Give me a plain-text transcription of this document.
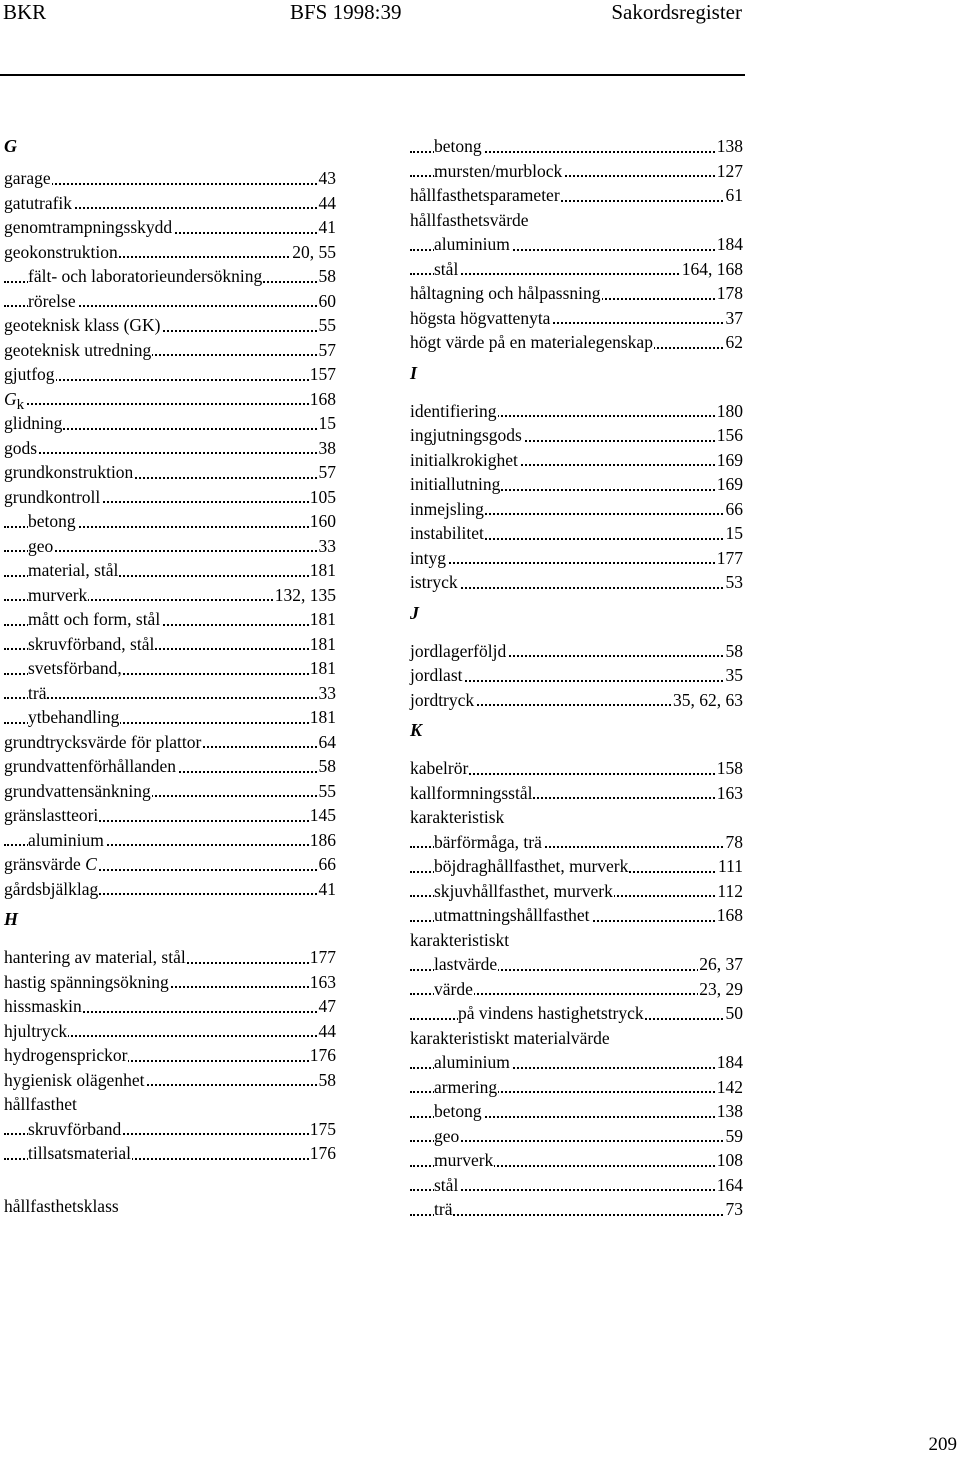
BKR	BFS 1998:39	Sakordsregister
G
garage	43
gatutrafik	44
genomtrampningsskydd	41
geokonstruktion	20, 55
fält- och laboratorieundersökning	58
rörelse	60
geoteknisk klass (GK)	55
geoteknisk utredning	57
gjutfog	157
Gk	168
glidning	15
gods	38
grundkonstruktion	57
grundkontroll	105
betong	160
geo	33
material, stål	181
murverk	132, 135
mått och form, stål	181
skruvförband, stål	181
svetsförband,	181
trä	33
ytbehandling	181
grundtrycksvärde för plattor	64
grundvattenförhållanden	58
grundvattensänkning	55
gränslastteori	145
aluminium	186
gränsvärde C	66
gårdsbjälklag	41
H
hantering av material, stål	177
hastig spänningsökning	163
hissmaskin	47
hjultryck	44
hydrogensprickor	176
hygienisk olägenhet	58
hållfasthet
skruvförband	175
tillsatsmaterial	176
hållfasthetsklass
betong	138
mursten/murblock	127
hållfasthetsparameter	61
hållfasthetsvärde
aluminium	184
stål	164, 168
håltagning och hålpassning	178
högsta högvattenyta	37
högt värde på en materialegenskap	62
I
identifiering	180
ingjutningsgods	156
initialkrokighet	169
initiallutning	169
inmejsling	66
instabilitet	15
intyg	177
istryck	53
J
jordlagerföljd	58
jordlast	35
jordtryck	35, 62, 63
K
kabelrör	158
kallformningsstål	163
karakteristisk
bärförmåga, trä	78
böjdraghållfasthet, murverk	111
skjuvhållfasthet, murverk	112
utmattningshållfasthet	168
karakteristiskt
lastvärde	26, 37
värde	23, 29
på vindens hastighetstryck	50
karakteristiskt materialvärde
aluminium	184
armering	142
betong	138
geo	59
murverk	108
stål	164
trä	73
209
